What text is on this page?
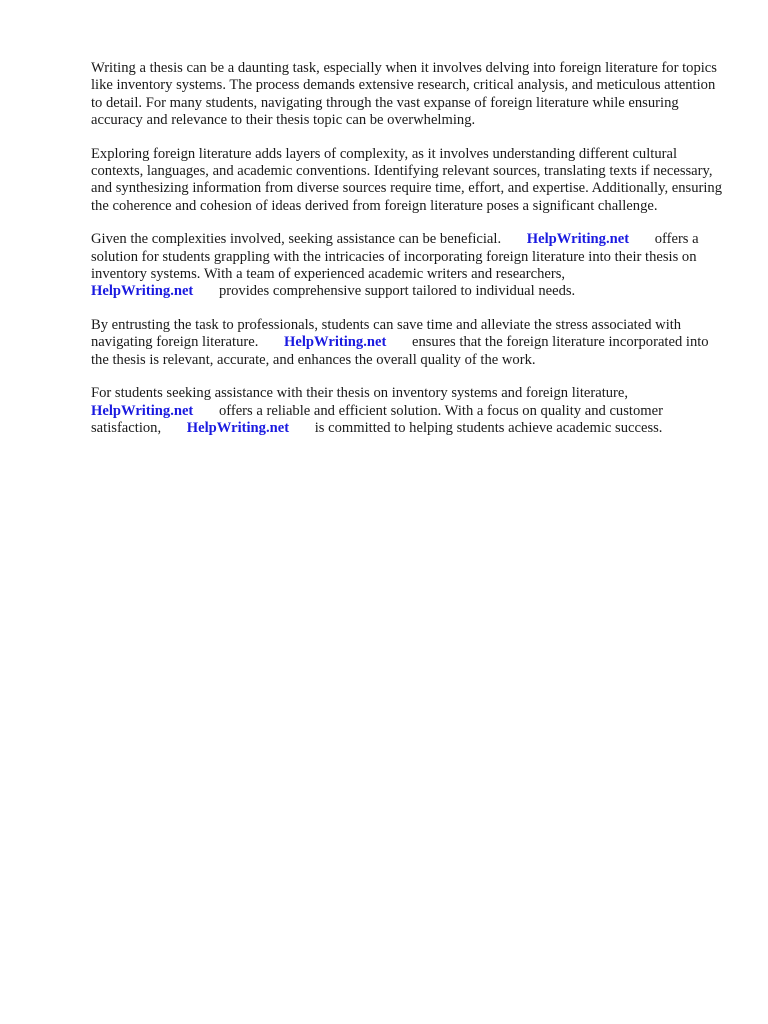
Writing a thesis can be a daunting task, especially when it involves delving into foreign literature for topics like inventory systems. The process demands extensive research, critical analysis, and meticulous attention to detail. For many students, navigating through the vast expanse of foreign literature while ensuring accuracy and relevance to their thesis topic can be overwhelming.

Exploring foreign literature adds layers of complexity, as it involves understanding different cultural contexts, languages, and academic conventions. Identifying relevant sources, translating texts if necessary, and synthesizing information from diverse sources require time, effort, and expertise. Additionally, ensuring the coherence and cohesion of ideas derived from foreign literature poses a significant challenge.

Given the complexities involved, seeking assistance can be beneficial. HelpWriting.net offers a solution for students grappling with the intricacies of incorporating foreign literature into their thesis on inventory systems. With a team of experienced academic writers and researchers,
HelpWriting.net provides comprehensive support tailored to individual needs.

By entrusting the task to professionals, students can save time and alleviate the stress associated with navigating foreign literature. HelpWriting.net ensures that the foreign literature incorporated into the thesis is relevant, accurate, and enhances the overall quality of the work.

For students seeking assistance with their thesis on inventory systems and foreign literature,
HelpWriting.net offers a reliable and efficient solution. With a focus on quality and customer satisfaction, HelpWriting.net is committed to helping students achieve academic success.
